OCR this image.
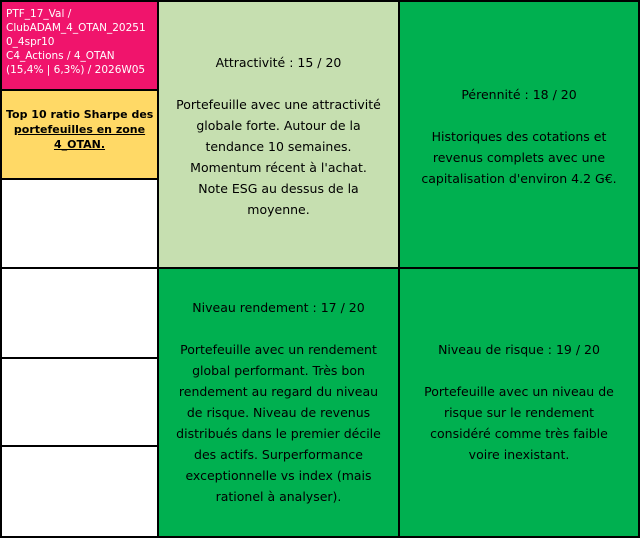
PTF_17_Val /
ClubADAM_4_OTAN_20251
0_4spr10
C4_Actions / 4_OTAN
(15,4% | 6,3%) / 2026W05
Top 10 ratio Sharpe des
portefeuilles en zone
4_OTAN.
Attractivité : 15 / 20
Portefeuille avec une attractivité
globale forte. Autour de la
tendance 10 semaines.
Momentum récent à l'achat.
Note ESG au dessus de la
moyenne.
Pérennité : 18 / 20
Historiques des cotations et
revenus complets avec une
capitalisation d'environ 4.2 G€.
Niveau rendement : 17 / 20
Portefeuille avec un rendement
global performant. Très bon
rendement au regard du niveau
de risque. Niveau de revenus
distribués dans le premier décile
des actifs. Surperformance
exceptionnelle vs index (mais
rationel à analyser).
Niveau de risque : 19 / 20
Portefeuille avec un niveau de
risque sur le rendement
considéré comme très faible
voire inexistant.
